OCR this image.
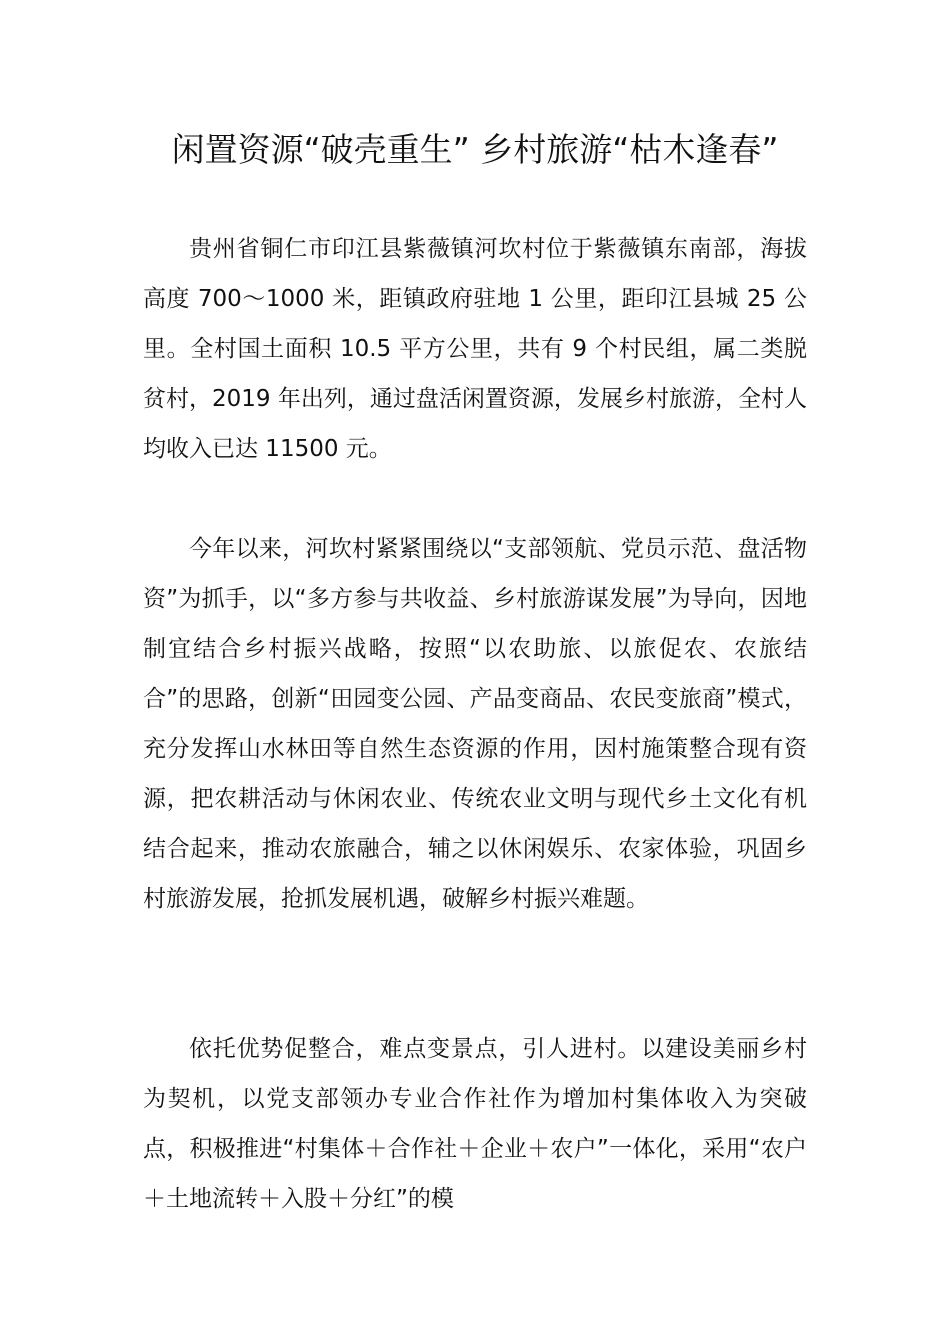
闲置资源“破壳重生” 乡村旅游“枯木逢春”

贵州省铜仁市印江县紫薇镇河坎村位于紫薇镇东南部，海拔高度 700～1000 米，距镇政府驻地 1 公里，距印江县城 25 公里。全村国土面积 10.5 平方公里，共有 9 个村民组，属二类脱贫村，2019 年出列，通过盘活闲置资源，发展乡村旅游，全村人均收入已达 11500 元。

今年以来，河坎村紧紧围绕以“支部领航、党员示范、盘活物资”为抓手，以“多方参与共收益、乡村旅游谋发展”为导向，因地制宜结合乡村振兴战略，按照“以农助旅、以旅促农、农旅结合”的思路，创新“田园变公园、产品变商品、农民变旅商”模式，充分发挥山水林田等自然生态资源的作用，因村施策整合现有资源，把农耕活动与休闲农业、传统农业文明与现代乡土文化有机结合起来，推动农旅融合，辅之以休闲娱乐、农家体验，巩固乡村旅游发展，抢抓发展机遇，破解乡村振兴难题。

依托优势促整合，难点变景点，引人进村。以建设美丽乡村为契机，以党支部领办专业合作社作为增加村集体收入为突破点，积极推进“村集体＋合作社＋企业＋农户”一体化，采用“农户＋土地流转＋入股＋分红”的模
